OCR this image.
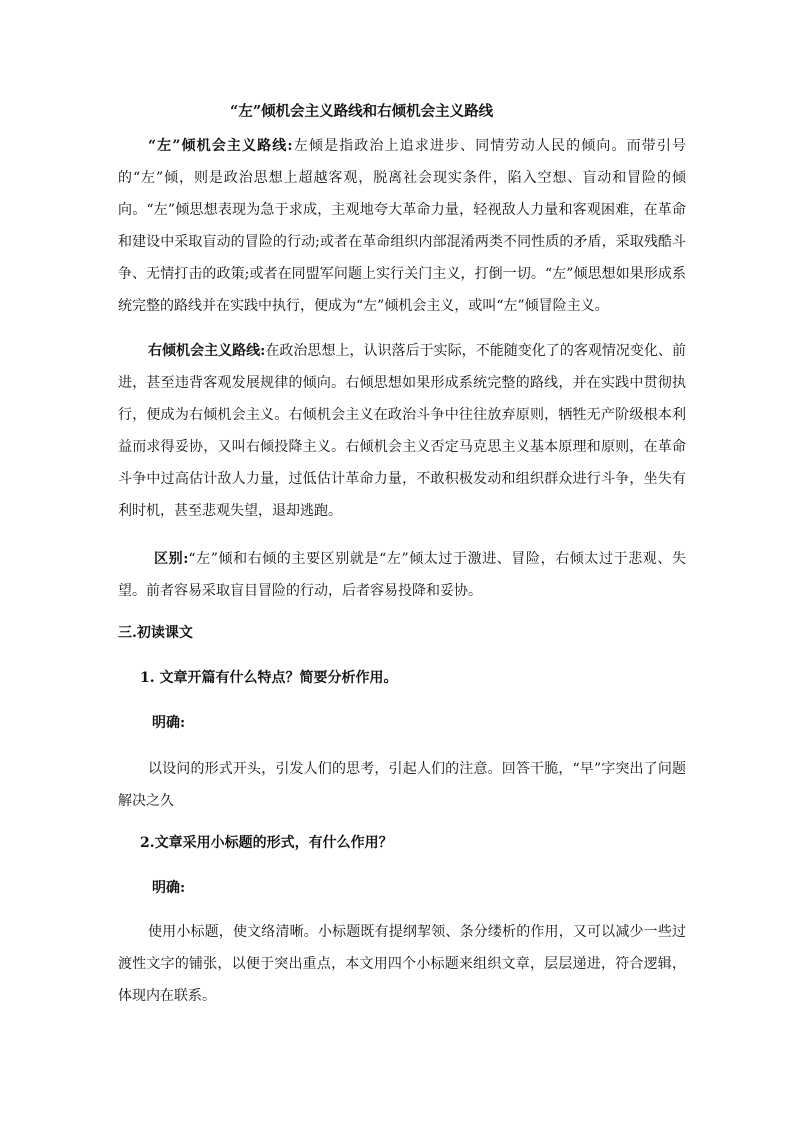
“左”倾机会主义路线和右倾机会主义路线

“左”倾机会主义路线:左倾是指政治上追求进步、同情劳动人民的倾向。而带引号的“左”倾，则是政治思想上超越客观，脱离社会现实条件，陷入空想、盲动和冒险的倾向。“左”倾思想表现为急于求成，主观地夸大革命力量，轻视敌人力量和客观困难，在革命和建设中采取盲动的冒险的行动;或者在革命组织内部混淆两类不同性质的矛盾，采取残酷斗争、无情打击的政策;或者在同盟军问题上实行关门主义，打倒一切。“左”倾思想如果形成系统完整的路线并在实践中执行，便成为“左”倾机会主义，或叫“左”倾冒险主义。

右倾机会主义路线:在政治思想上，认识落后于实际，不能随变化了的客观情况变化、前进，甚至违背客观发展规律的倾向。右倾思想如果形成系统完整的路线，并在实践中贯彻执行，便成为右倾机会主义。右倾机会主义在政治斗争中往往放弃原则，牺牲无产阶级根本利益而求得妥协，又叫右倾投降主义。右倾机会主义否定马克思主义基本原理和原则，在革命斗争中过高估计敌人力量，过低估计革命力量，不敢积极发动和组织群众进行斗争，坐失有利时机，甚至悲观失望，退却逃跑。

区别:“左”倾和右倾的主要区别就是“左”倾太过于激进、冒险，右倾太过于悲观、失望。前者容易采取盲目冒险的行动，后者容易投降和妥协。

三.初读课文
1. 文章开篇有什么特点？简要分析作用。
明确:

以设问的形式开头，引发人们的思考，引起人们的注意。回答干脆，“早”字突出了问题解决之久

2.文章采用小标题的形式，有什么作用？
明确:

使用小标题，使文络清晰。小标题既有提纲挈领、条分缕析的作用，又可以减少一些过渡性文字的铺张，以便于突出重点，本文用四个小标题来组织文章，层层递进，符合逻辑，体现内在联系。
